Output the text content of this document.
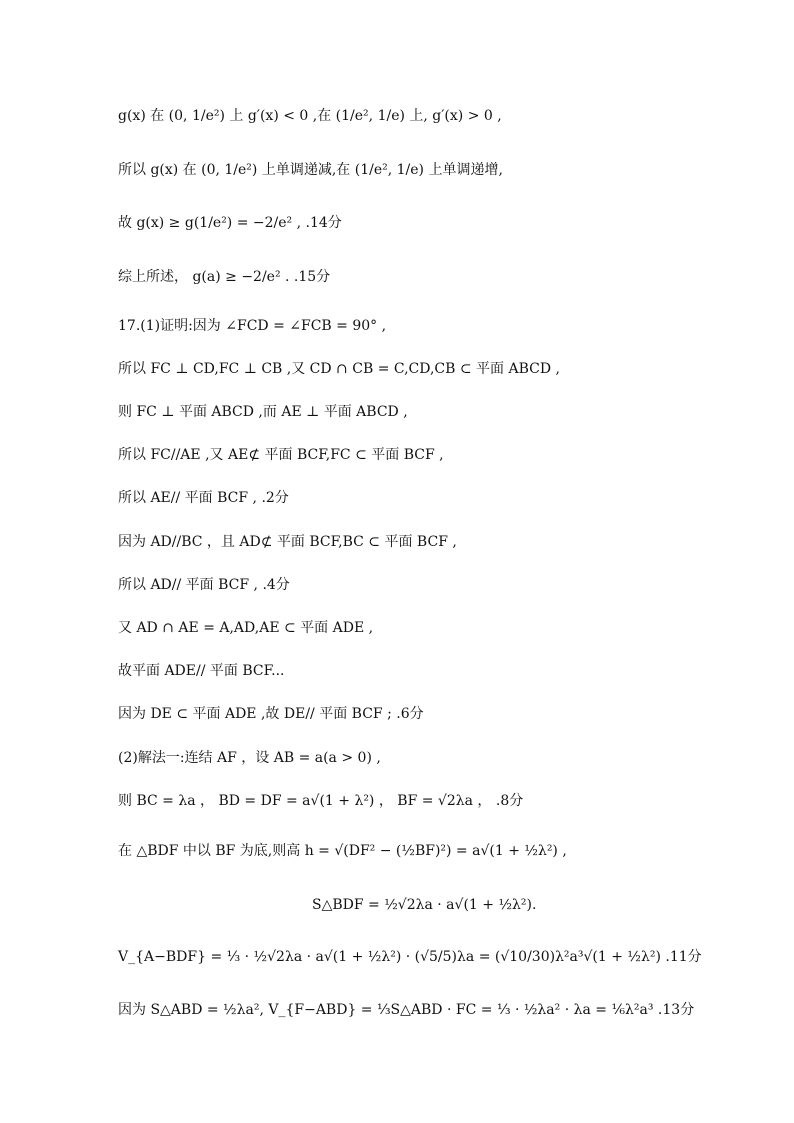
g(x) 在 (0, 1/e²) 上 g′(x) < 0 ,在 (1/e², 1/e) 上, g′(x) > 0 ,
所以 g(x) 在 (0, 1/e²) 上单调递减,在 (1/e², 1/e) 上单调递增,
故 g(x) ≥ g(1/e²) = −2/e² , .14分
综上所述， g(a) ≥ −2/e² . .15分
17.(1)证明:因为 ∠FCD = ∠FCB = 90° ,
所以 FC ⊥ CD,FC ⊥ CB ,又 CD ∩ CB = C,CD,CB ⊂ 平面 ABCD ,
则 FC ⊥ 平面 ABCD ,而 AE ⊥ 平面 ABCD ,
所以 FC//AE ,又 AE⊄ 平面 BCF,FC ⊂ 平面 BCF ,
所以 AE// 平面 BCF , .2分
因为 AD//BC ，且 AD⊄ 平面 BCF,BC ⊂ 平面 BCF ,
所以 AD// 平面 BCF , .4分
又 AD ∩ AE = A,AD,AE ⊂ 平面 ADE ,
故平面 ADE// 平面 BCF...
因为 DE ⊂ 平面 ADE ,故 DE// 平面 BCF ; .6分
(2)解法一:连结 AF ，设 AB = a(a > 0) ,
则 BC = λa ， BD = DF = a√(1 + λ²) ， BF = √2λa ， .8分
在 △BDF 中以 BF 为底,则高 h = √(DF² − (½BF)²) = a√(1 + ½λ²) ,
S△BDF = ½√2λa · a√(1 + ½λ²).
V_{A−BDF} = ⅓ · ½√2λa · a√(1 + ½λ²) · (√5/5)λa = (√10/30)λ²a³√(1 + ½λ²) .11分
因为 S△ABD = ½λa², V_{F−ABD} = ⅓S△ABD · FC = ⅓ · ½λa² · λa = ⅙λ²a³ .13分
